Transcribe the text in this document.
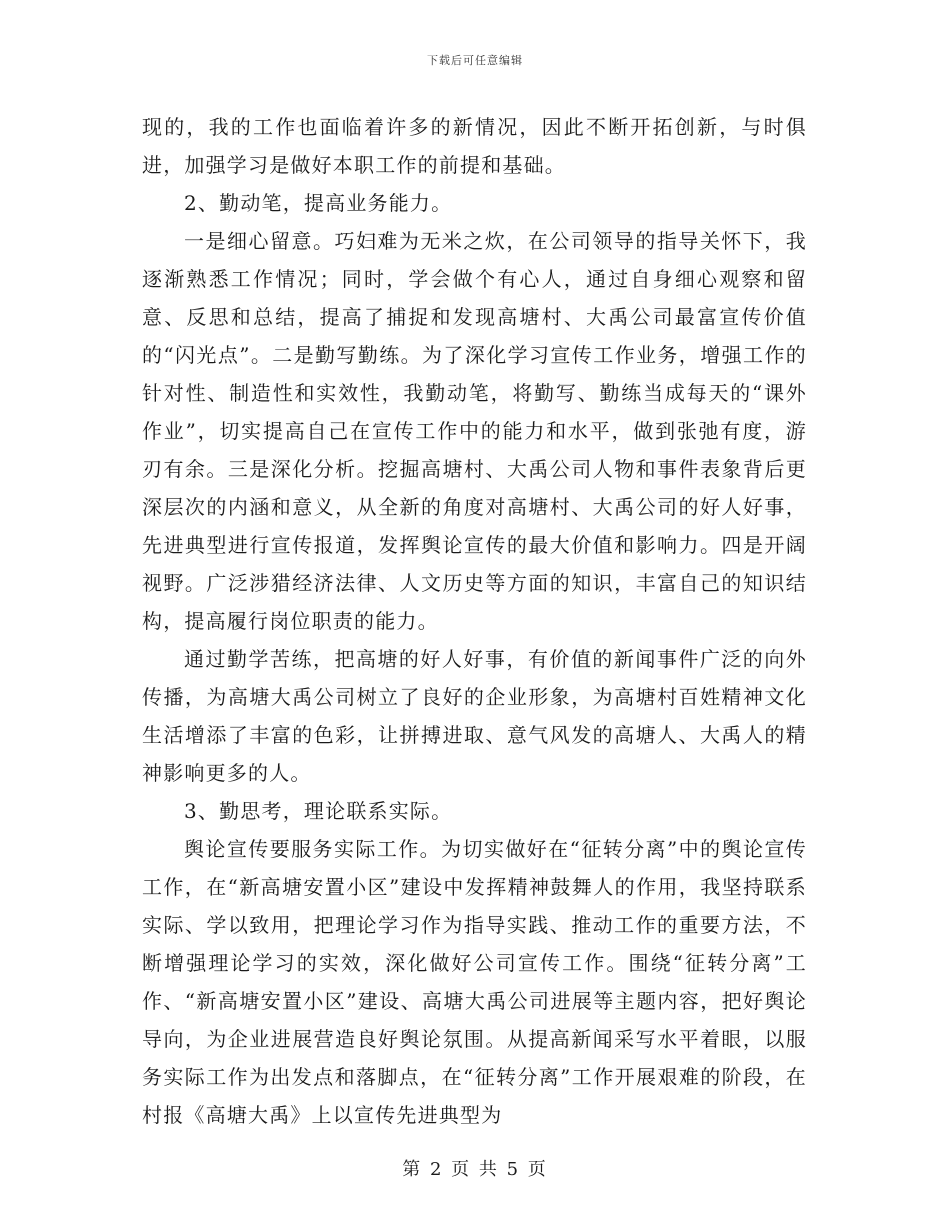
下载后可任意编辑

现的，我的工作也面临着许多的新情况，因此不断开拓创新，与时俱进，加强学习是做好本职工作的前提和基础。

2、勤动笔，提高业务能力。

一是细心留意。巧妇难为无米之炊，在公司领导的指导关怀下，我逐渐熟悉工作情况；同时，学会做个有心人，通过自身细心观察和留意、反思和总结，提高了捕捉和发现高塘村、大禹公司最富宣传价值的“闪光点”。二是勤写勤练。为了深化学习宣传工作业务，增强工作的针对性、制造性和实效性，我勤动笔，将勤写、勤练当成每天的“课外作业”，切实提高自己在宣传工作中的能力和水平，做到张弛有度，游刃有余。三是深化分析。挖掘高塘村、大禹公司人物和事件表象背后更深层次的内涵和意义，从全新的角度对高塘村、大禹公司的好人好事，先进典型进行宣传报道，发挥舆论宣传的最大价值和影响力。四是开阔视野。广泛涉猎经济法律、人文历史等方面的知识，丰富自己的知识结构，提高履行岗位职责的能力。

通过勤学苦练，把高塘的好人好事，有价值的新闻事件广泛的向外传播，为高塘大禹公司树立了良好的企业形象，为高塘村百姓精神文化生活增添了丰富的色彩，让拼搏进取、意气风发的高塘人、大禹人的精神影响更多的人。

3、勤思考，理论联系实际。

舆论宣传要服务实际工作。为切实做好在“征转分离”中的舆论宣传工作，在“新高塘安置小区”建设中发挥精神鼓舞人的作用，我坚持联系实际、学以致用，把理论学习作为指导实践、推动工作的重要方法，不断增强理论学习的实效，深化做好公司宣传工作。围绕“征转分离”工作、“新高塘安置小区”建设、高塘大禹公司进展等主题内容，把好舆论导向，为企业进展营造良好舆论氛围。从提高新闻采写水平着眼，以服务实际工作为出发点和落脚点，在“征转分离”工作开展艰难的阶段，在村报《高塘大禹》上以宣传先进典型为

第 2 页 共 5 页
